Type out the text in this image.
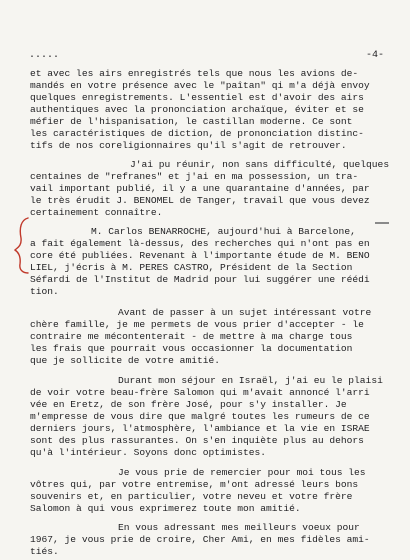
.....	-4-
et avec les airs enregistrés tels que nous les avions de-
mandés en votre présence avec le "paîtan" qi m'a déjà envoy
quelques enregistrements. L'essentiel est d'avoir des airs
authentiques avec la prononciation archaïque, éviter et se
méfier de l'hispanisation, le castillan moderne. Ce sont
les caractéristiques de diction, de prononciation distinc-
tifs de nos coreligionnaires qu'il s'agit de retrouver.
J'ai pu réunir, non sans difficulté, quelques
centaines de "refranes" et j'ai en ma possession, un tra-
vail important publié, il y a une quarantaine d'années, par
le très érudit J. BENOMEL de Tanger, travail que vous devez
certainement connaître.
M. Carlos BENARROCHE, aujourd'hui à Barcelone,
a fait également là-dessus, des recherches qui n'ont pas en
core été publiées. Revenant à l'importante étude de M. BENO
LIEL, j'écris à M. PERES CASTRO, Président de la Section
Séfardi de l'Institut de Madrid pour lui suggérer une réédi
tion.
Avant de passer à un sujet intéressant votre
chère famille, je me permets de vous prier d'accepter - le
contraire me mécontenterait - de mettre à ma charge tous
les frais que pourrait vous occasionner la documentation
que je sollicite de votre amitié.
Durant mon séjour en Israël, j'ai eu le plaisi
de voir votre beau-frère Salomon qui m'avait annoncé l'arri
vée en Eretz, de son frère José, pour s'y installer. Je
m'empresse de vous dire que malgré toutes les rumeurs de ce
derniers jours, l'atmosphère, l'ambiance et la vie en ISRAE
sont des plus rassurantes. On s'en inquiète plus au dehors
qu'à l'intérieur. Soyons donc optimistes.
Je vous prie de remercier pour moi tous les
vôtres qui, par votre entremise, m'ont adressé leurs bons
souvenirs et, en particulier, votre neveu et votre frère
Salomon à qui vous exprimerez toute mon amitié.
En vous adressant mes meilleurs voeux pour
1967, je vous prie de croire, Cher Ami, en mes fidèles ami-
tiés.
